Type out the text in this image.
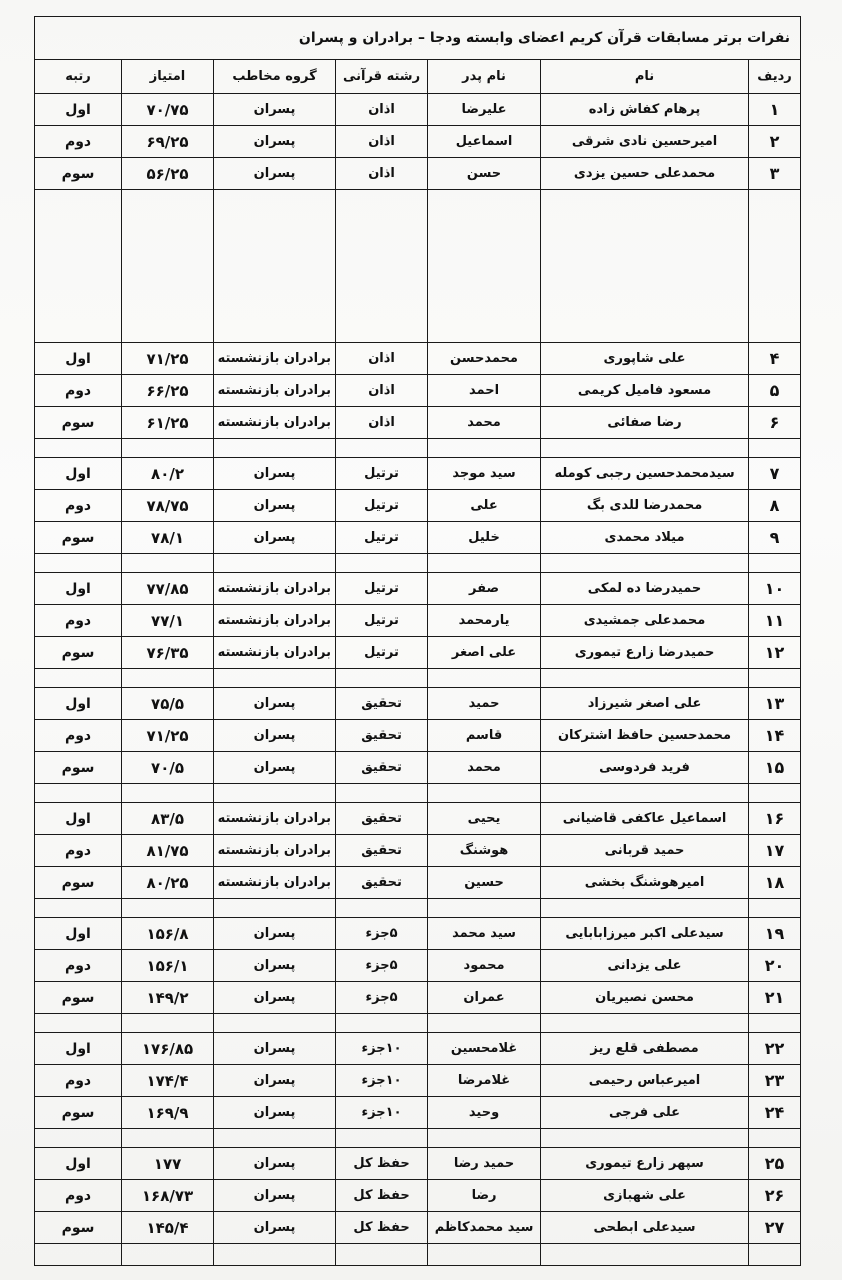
نفرات برتر مسابقات قرآن کریم اعضای وابسته ودجا – برادران و پسران						
ردیف	نام	نام پدر	رشته قرآنی	گروه مخاطب	امتیاز	رتبه
۱	پرهام کفاش زاده	علیرضا	اذان	پسران	۷۰/۷۵	اول
۲	امیرحسین نادی شرقی	اسماعیل	اذان	پسران	۶۹/۲۵	دوم
۳	محمدعلی حسین یزدی	حسن	اذان	پسران	۵۶/۲۵	سوم

۴	علی شاپوری	محمدحسن	اذان	برادران بازنشسته	۷۱/۲۵	اول
۵	مسعود فامیل کریمی	احمد	اذان	برادران بازنشسته	۶۶/۲۵	دوم
۶	رضا صفائی	محمد	اذان	برادران بازنشسته	۶۱/۲۵	سوم

۷	سیدمحمدحسین رجبی کومله	سید موجد	ترتیل	پسران	۸۰/۲	اول
۸	محمدرضا للدی بگ	علی	ترتیل	پسران	۷۸/۷۵	دوم
۹	میلاد محمدی	خلیل	ترتیل	پسران	۷۸/۱	سوم

۱۰	حمیدرضا ده لمکی	صفر	ترتیل	برادران بازنشسته	۷۷/۸۵	اول
۱۱	محمدعلی جمشیدی	یارمحمد	ترتیل	برادران بازنشسته	۷۷/۱	دوم
۱۲	حمیدرضا زارع تیموری	علی اصغر	ترتیل	برادران بازنشسته	۷۶/۳۵	سوم

۱۳	علی اصغر شیرزاد	حمید	تحقیق	پسران	۷۵/۵	اول
۱۴	محمدحسین حافظ اشترکان	قاسم	تحقیق	پسران	۷۱/۲۵	دوم
۱۵	فرید فردوسی	محمد	تحقیق	پسران	۷۰/۵	سوم

۱۶	اسماعیل عاکفی قاضیانی	یحیی	تحقیق	برادران بازنشسته	۸۳/۵	اول
۱۷	حمید قربانی	هوشنگ	تحقیق	برادران بازنشسته	۸۱/۷۵	دوم
۱۸	امیرهوشنگ بخشی	حسین	تحقیق	برادران بازنشسته	۸۰/۲۵	سوم

۱۹	سیدعلی اکبر میرزابابایی	سید محمد	۵جزء	پسران	۱۵۶/۸	اول
۲۰	علی یزدانی	محمود	۵جزء	پسران	۱۵۶/۱	دوم
۲۱	محسن نصیریان	عمران	۵جزء	پسران	۱۴۹/۲	سوم

۲۲	مصطفی قلع ریز	غلامحسین	۱۰جزء	پسران	۱۷۶/۸۵	اول
۲۳	امیرعباس رحیمی	غلامرضا	۱۰جزء	پسران	۱۷۴/۴	دوم
۲۴	علی فرجی	وحید	۱۰جزء	پسران	۱۶۹/۹	سوم

۲۵	سپهر زارع تیموری	حمید رضا	حفظ کل	پسران	۱۷۷	اول
۲۶	علی شهبازی	رضا	حفظ کل	پسران	۱۶۸/۷۳	دوم
۲۷	سیدعلی ابطحی	سید محمدکاظم	حفظ کل	پسران	۱۴۵/۴	سوم
